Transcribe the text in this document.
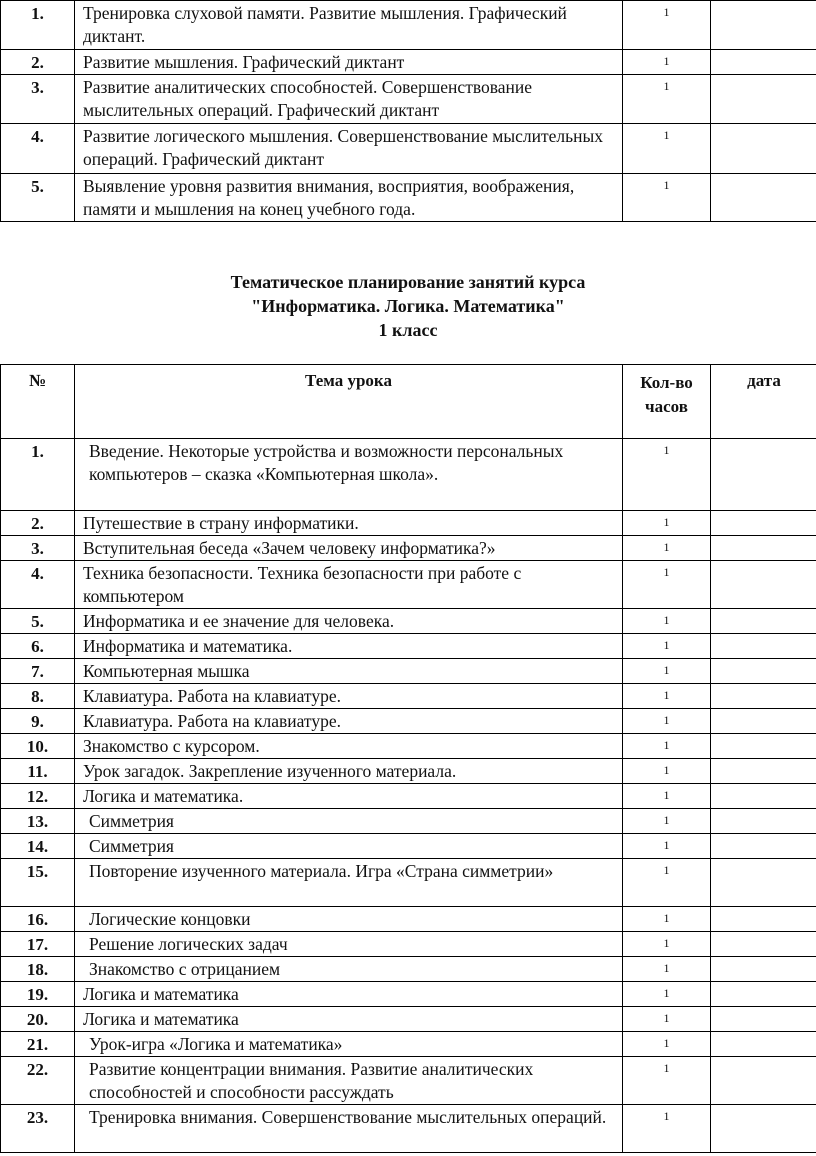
1.	Тренировка слуховой памяти. Развитие мышления. Графический диктант.	1	
2.	Развитие мышления. Графический диктант	1	
3.	Развитие аналитических способностей. Совершенствование мыслительных операций. Графический диктант	1	
4.	Развитие логического мышления. Совершенствование мыслительных операций. Графический диктант	1	
5.	Выявление уровня развития внимания, восприятия, воображения, памяти и мышления на конец учебного года.	1	
Тематическое планирование занятий курса
"Информатика. Логика. Математика"
1 класс
№	Тема урока	Кол-во часов	дата
1.	Введение. Некоторые устройства и возможности персональных компьютеров – сказка «Компьютерная школа».	1	
2.	Путешествие в страну информатики.	1	
3.	Вступительная беседа «Зачем человеку информатика?»	1	
4.	Техника безопасности. Техника безопасности при работе с компьютером	1	
5.	Информатика и ее значение для человека.	1	
6.	Информатика и математика.	1	
7.	Компьютерная мышка	1	
8.	Клавиатура. Работа на клавиатуре.	1	
9.	Клавиатура. Работа на клавиатуре.	1	
10.	Знакомство с курсором.	1	
11.	Урок загадок. Закрепление изученного материала.	1	
12.	Логика и математика.	1	
13.	Симметрия	1	
14.	Симметрия	1	
15.	Повторение изученного материала. Игра «Страна симметрии»	1	
16.	Логические концовки	1	
17.	Решение логических задач	1	
18.	Знакомство с отрицанием	1	
19.	Логика и математика	1	
20.	Логика и математика	1	
21.	Урок-игра «Логика и математика»	1	
22.	Развитие концентрации внимания. Развитие аналитических способностей и способности рассуждать	1	
23.	Тренировка внимания. Совершенствование мыслительных операций.	1	
